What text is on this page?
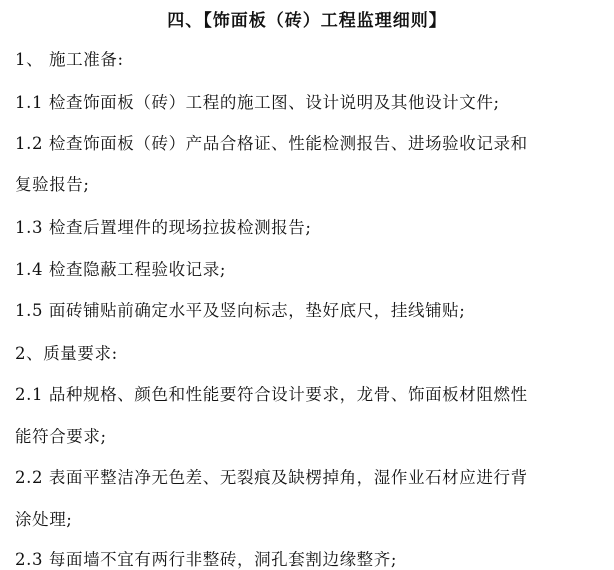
四、【饰面板（砖）工程监理细则】
1、 施工准备:
1.1 检查饰面板（砖）工程的施工图、设计说明及其他设计文件;
1.2 检查饰面板（砖）产品合格证、性能检测报告、进场验收记录和
复验报告;
1.3 检查后置埋件的现场拉拔检测报告;
1.4 检查隐蔽工程验收记录;
1.5 面砖铺贴前确定水平及竖向标志，垫好底尺，挂线铺贴;
2、质量要求:
2.1 品种规格、颜色和性能要符合设计要求，龙骨、饰面板材阻燃性
能符合要求;
2.2 表面平整洁净无色差、无裂痕及缺楞掉角，湿作业石材应进行背
涂处理;
2.3 每面墙不宜有两行非整砖，洞孔套割边缘整齐;
